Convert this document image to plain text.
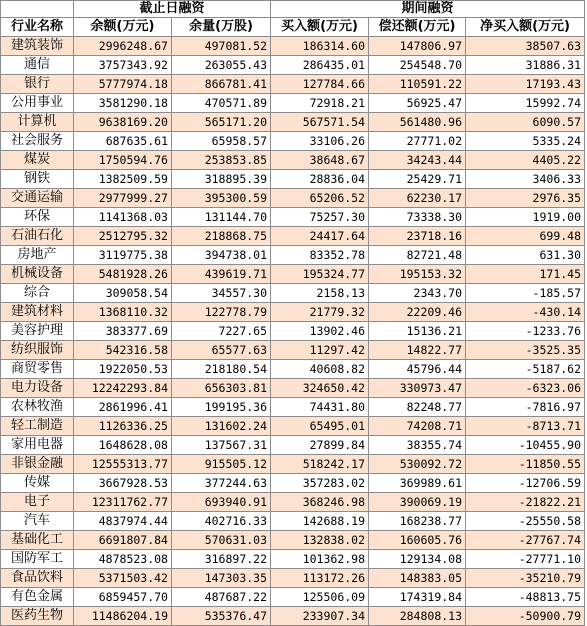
	截止日融资		期间融资		
行业名称	余额(万元)	余量(万股)	买入额(万元)	偿还额(万元)	净买入额(万元)
建筑装饰	2996248.67	497081.52	186314.60	147806.97	38507.63
通信	3757343.92	263055.43	286435.01	254548.70	31886.31
银行	5777974.18	866781.41	127784.66	110591.22	17193.43
公用事业	3581290.18	470571.89	72918.21	56925.47	15992.74
计算机	9638169.20	565171.20	567571.54	561480.96	6090.57
社会服务	687635.61	65958.57	33106.26	27771.02	5335.24
煤炭	1750594.76	253853.85	38648.67	34243.44	4405.22
钢铁	1382509.59	318895.39	28836.04	25429.71	3406.33
交通运输	2977999.27	395300.59	65206.52	62230.17	2976.35
环保	1141368.03	131144.70	75257.30	73338.30	1919.00
石油石化	2512795.32	218868.75	24417.64	23718.16	699.48
房地产	3119775.38	394738.01	83352.78	82721.48	631.30
机械设备	5481928.26	439619.71	195324.77	195153.32	171.45
综合	309058.54	34557.30	2158.13	2343.70	-185.57
建筑材料	1368110.32	122778.79	21779.32	22209.46	-430.14
美容护理	383377.69	7227.65	13902.46	15136.21	-1233.76
纺织服饰	542316.58	65577.63	11297.42	14822.77	-3525.35
商贸零售	1922050.53	218180.54	40608.82	45796.44	-5187.62
电力设备	12242293.84	656303.81	324650.42	330973.47	-6323.06
农林牧渔	2861996.41	199195.36	74431.80	82248.77	-7816.97
轻工制造	1126336.25	131602.24	65495.01	74208.71	-8713.71
家用电器	1648628.08	137567.31	27899.84	38355.74	-10455.90
非银金融	12555313.77	915505.12	518242.17	530092.72	-11850.55
传媒	3667928.53	377244.63	357283.02	369989.61	-12706.59
电子	12311762.77	693940.91	368246.98	390069.19	-21822.21
汽车	4837974.44	402716.33	142688.19	168238.77	-25550.58
基础化工	6691807.84	570631.03	132838.02	160605.76	-27767.74
国防军工	4878523.08	316897.22	101362.98	129134.08	-27771.10
食品饮料	5371503.42	147303.35	113172.26	148383.05	-35210.79
有色金属	6859457.70	487687.22	125506.09	174319.84	-48813.75
医药生物	11486204.19	535376.47	233907.34	284808.13	-50900.79
